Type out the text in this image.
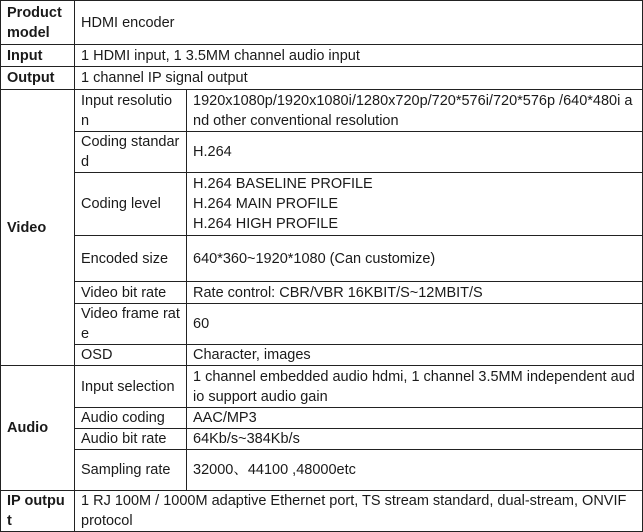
Product model	HDMI encoder	
Input	1 HDMI input, 1 3.5MM channel audio input	
Output	1 channel IP signal output	
Video	Input resolution	1920x1080p/1920x1080i/1280x720p/720*576i/720*576p /640*480i and other conventional resolution
	Coding standard	H.264
	Coding level	H.264 BASELINE PROFILE
H.264 MAIN PROFILE
H.264 HIGH PROFILE

	Encoded size	640*360~1920*1080 (Can customize)
	Video bit rate	Rate control: CBR/VBR 16KBIT/S~12MBIT/S
	Video frame rate	60
	OSD	Character, images
Audio	Input selection	1 channel embedded audio hdmi, 1 channel 3.5MM independent audio support audio gain
	Audio coding	AAC/MP3
	Audio bit rate	64Kb/s~384Kb/s
	Sampling rate	32000、44100 ,48000etc
IP output	1 RJ 100M / 1000M adaptive Ethernet port, TS stream standard, dual-stream, ONVIF protocol	
